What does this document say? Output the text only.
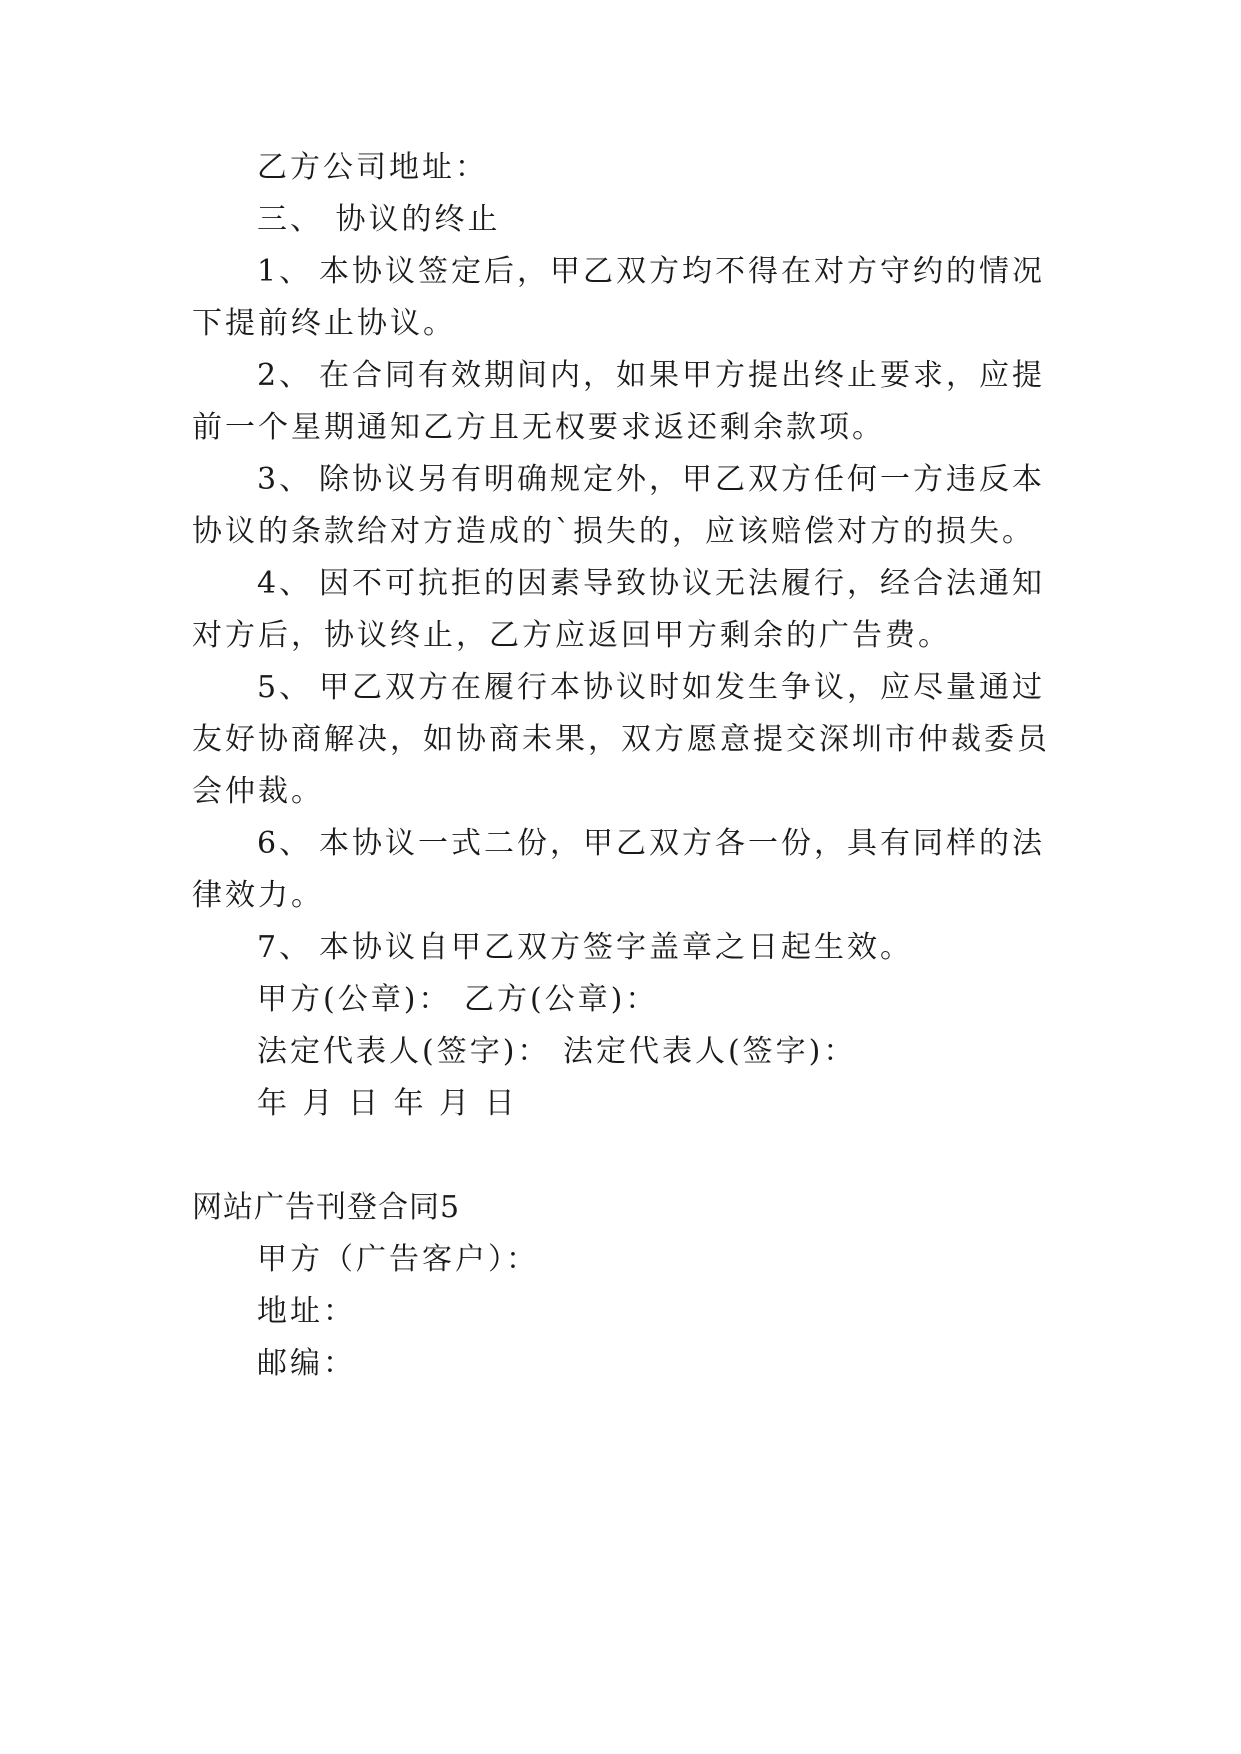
乙方公司地址：
三、 协议的终止
1、 本协议签定后，甲乙双方均不得在对方守约的情况
下提前终止协议。
2、 在合同有效期间内，如果甲方提出终止要求，应提
前一个星期通知乙方且无权要求返还剩余款项。
3、 除协议另有明确规定外，甲乙双方任何一方违反本
协议的条款给对方造成的`损失的，应该赔偿对方的损失。
4、 因不可抗拒的因素导致协议无法履行，经合法通知
对方后，协议终止，乙方应返回甲方剩余的广告费。
5、 甲乙双方在履行本协议时如发生争议，应尽量通过
友好协商解决，如协商未果，双方愿意提交深圳市仲裁委员
会仲裁。
6、 本协议一式二份，甲乙双方各一份，具有同样的法
律效力。
7、 本协议自甲乙双方签字盖章之日起生效。
甲方(公章)： 乙方(公章)：
法定代表人(签字)： 法定代表人(签字)：
年 月 日 年 月 日
网站广告刊登合同5
甲方（广告客户）：
地址：
邮编：
